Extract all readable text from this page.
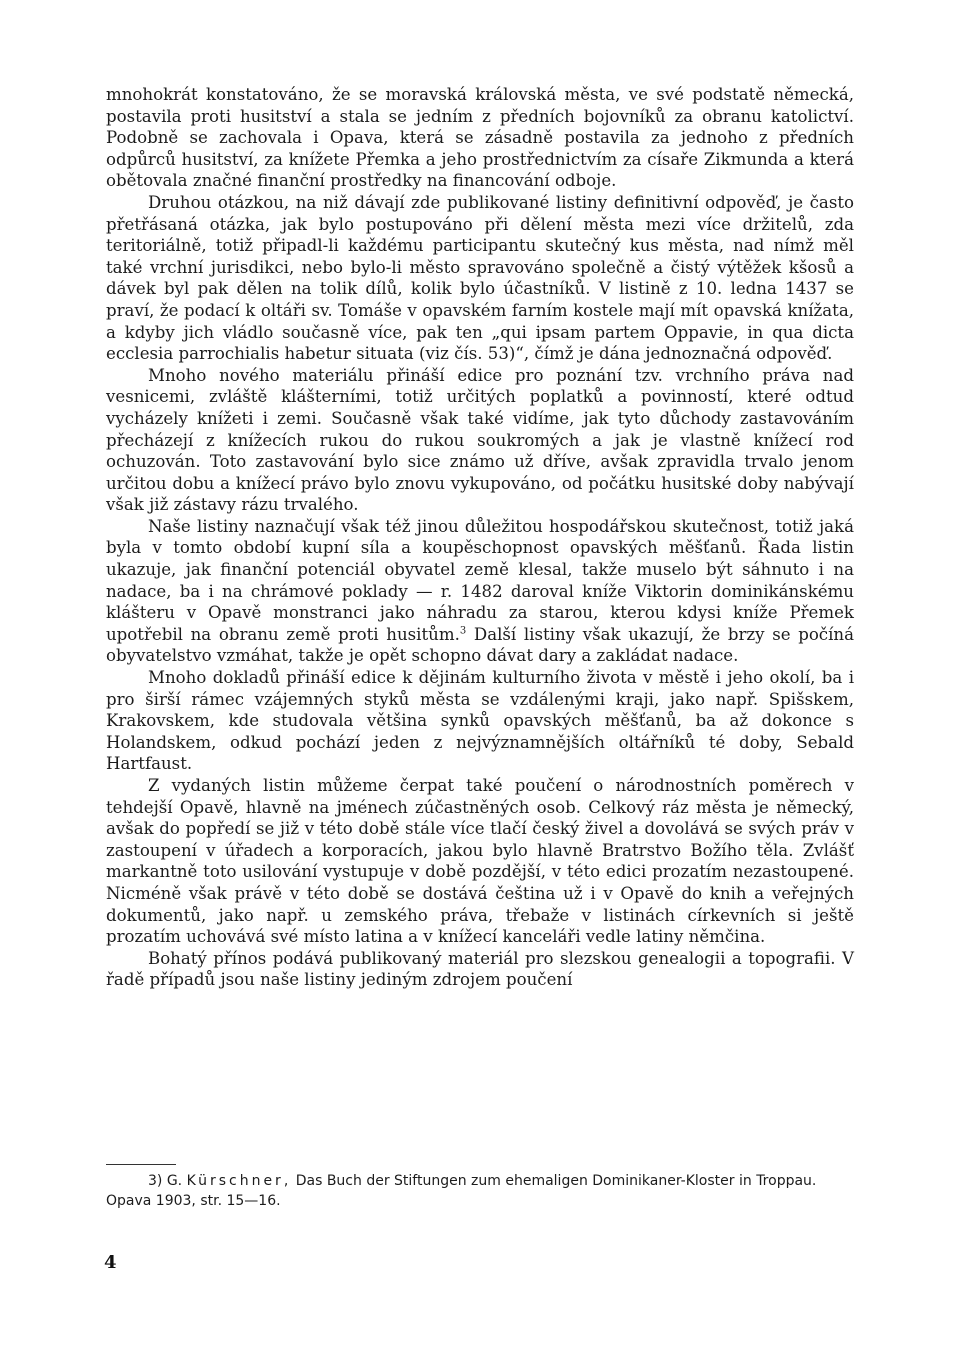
mnohokrát konstatováno, že se moravská královská města, ve své podstatě německá, postavila proti husitství a stala se jedním z předních bojovníků za obranu katolictví. Podobně se zachovala i Opava, která se zásadně postavila za jednoho z předních odpůrců husitství, za knížete Přemka a jeho prostřednictvím za císaře Zikmunda a která obětovala značné finanční prostředky na financování odboje.

Druhou otázkou, na niž dávají zde publikované listiny definitivní odpověď, je často přetřásaná otázka, jak bylo postupováno při dělení města mezi více držitelů, zda teritoriálně, totiž připadl-li každému participantu skutečný kus města, nad nímž měl také vrchní jurisdikci, nebo bylo-li město spravováno společně a čistý výtěžek kšosů a dávek byl pak dělen na tolik dílů, kolik bylo účastníků. V listině z 10. ledna 1437 se praví, že podací k oltáři sv. Tomáše v opavském farním kostele mají mít opavská knížata, a kdyby jich vládlo současně více, pak ten „qui ipsam partem Oppavie, in qua dicta ecclesia parrochialis habetur situata (viz čís. 53)“, čímž je dána jednoznačná odpověď.

Mnoho nového materiálu přináší edice pro poznání tzv. vrchního práva nad vesnicemi, zvláště klášterními, totiž určitých poplatků a povinností, které odtud vycházely knížeti i zemi. Současně však také vidíme, jak tyto důchody zastavováním přecházejí z knížecích rukou do rukou soukromých a jak je vlastně knížecí rod ochuzován. Toto zastavování bylo sice známo už dříve, avšak zpravidla trvalo jenom určitou dobu a knížecí právo bylo znovu vykupováno, od počátku husitské doby nabývají však již zástavy rázu trvalého.

Naše listiny naznačují však též jinou důležitou hospodářskou skutečnost, totiž jaká byla v tomto období kupní síla a koupěschopnost opavských měšťanů. Řada listin ukazuje, jak finanční potenciál obyvatel země klesal, takže muselo být sáhnuto i na nadace, ba i na chrámové poklady — r. 1482 daroval kníže Viktorin dominikánskému klášteru v Opavě monstranci jako náhradu za starou, kterou kdysi kníže Přemek upotřebil na obranu země proti husitům.$^3$ Další listiny však ukazují, že brzy se počíná obyvatelstvo vzmáhat, takže je opět schopno dávat dary a zakládat nadace.

Mnoho dokladů přináší edice k dějinám kulturního života v městě i jeho okolí, ba i pro širší rámec vzájemných styků města se vzdálenými kraji, jako např. Spišskem, Krakovskem, kde studovala většina synků opavských měšťanů, ba až dokonce s Holandskem, odkud pochází jeden z nejvýznamnějších oltářníků té doby, Sebald Hartfaust.

Z vydaných listin můžeme čerpat také poučení o národnostních poměrech v tehdejší Opavě, hlavně na jménech zúčastněných osob. Celkový ráz města je německý, avšak do popředí se již v této době stále více tlačí český živel a dovolává se svých práv v zastoupení v úřadech a korporacích, jakou bylo hlavně Bratrstvo Božího těla. Zvlášť markantně toto usilování vystupuje v době pozdější, v této edici prozatím nezastoupené. Nicméně však právě v této době se dostává čeština už i v Opavě do knih a veřejných dokumentů, jako např. u zemského práva, třebaže v listinách církevních si ještě prozatím uchovává své místo latina a v knížecí kanceláři vedle latiny němčina.

Bohatý přínos podává publikovaný materiál pro slezskou genealogii a topografii. V řadě případů jsou naše listiny jediným zdrojem poučení

3) G. Kürschner, Das Buch der Stiftungen zum ehemaligen Dominikaner-Kloster in Troppau. Opava 1903, str. 15—16.

4
